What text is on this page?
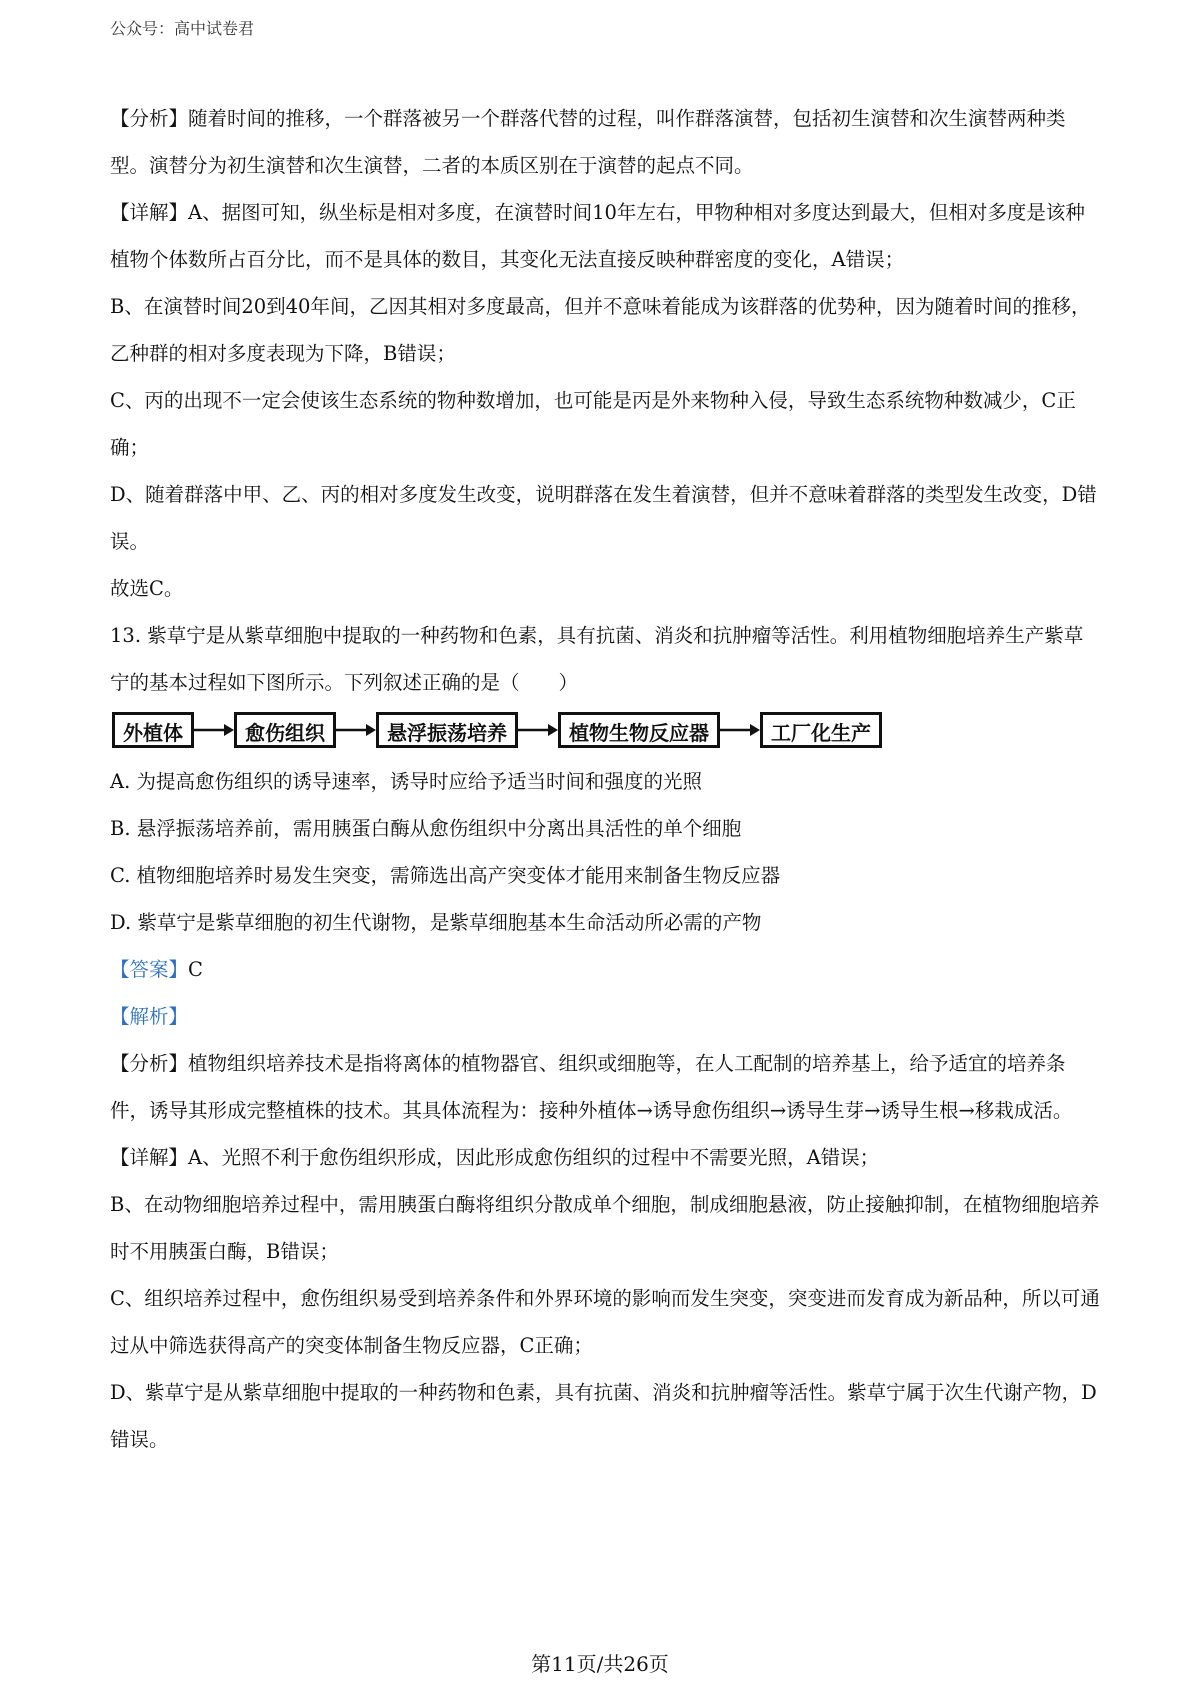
公众号：高中试卷君

【分析】随着时间的推移，一个群落被另一个群落代替的过程，叫作群落演替，包括初生演替和次生演替两种类型。演替分为初生演替和次生演替，二者的本质区别在于演替的起点不同。

【详解】A、据图可知，纵坐标是相对多度，在演替时间10年左右，甲物种相对多度达到最大，但相对多度是该种植物个体数所占百分比，而不是具体的数目，其变化无法直接反映种群密度的变化，A错误；

B、在演替时间20到40年间，乙因其相对多度最高，但并不意味着能成为该群落的优势种，因为随着时间的推移，乙种群的相对多度表现为下降，B错误；

C、丙的出现不一定会使该生态系统的物种数增加，也可能是丙是外来物种入侵，导致生态系统物种数减少，C正确；

D、随着群落中甲、乙、丙的相对多度发生改变，说明群落在发生着演替，但并不意味着群落的类型发生改变，D错误。

故选C。

13. 紫草宁是从紫草细胞中提取的一种药物和色素，具有抗菌、消炎和抗肿瘤等活性。利用植物细胞培养生产紫草宁的基本过程如下图所示。下列叙述正确的是（　　）

外植体	愈伤组织	悬浮振荡培养	植物生物反应器	工厂化生产

A. 为提高愈伤组织的诱导速率，诱导时应给予适当时间和强度的光照

B. 悬浮振荡培养前，需用胰蛋白酶从愈伤组织中分离出具活性的单个细胞

C. 植物细胞培养时易发生突变，需筛选出高产突变体才能用来制备生物反应器

D. 紫草宁是紫草细胞的初生代谢物，是紫草细胞基本生命活动所必需的产物

【答案】C

【解析】

【分析】植物组织培养技术是指将离体的植物器官、组织或细胞等，在人工配制的培养基上，给予适宜的培养条件，诱导其形成完整植株的技术。其具体流程为：接种外植体→诱导愈伤组织→诱导生芽→诱导生根→移栽成活。

【详解】A、光照不利于愈伤组织形成，因此形成愈伤组织的过程中不需要光照，A错误；

B、在动物细胞培养过程中，需用胰蛋白酶将组织分散成单个细胞，制成细胞悬液，防止接触抑制，在植物细胞培养时不用胰蛋白酶，B错误；

C、组织培养过程中，愈伤组织易受到培养条件和外界环境的影响而发生突变，突变进而发育成为新品种，所以可通过从中筛选获得高产的突变体制备生物反应器，C正确；

D、紫草宁是从紫草细胞中提取的一种药物和色素，具有抗菌、消炎和抗肿瘤等活性。紫草宁属于次生代谢产物，D错误。

第11页/共26页
